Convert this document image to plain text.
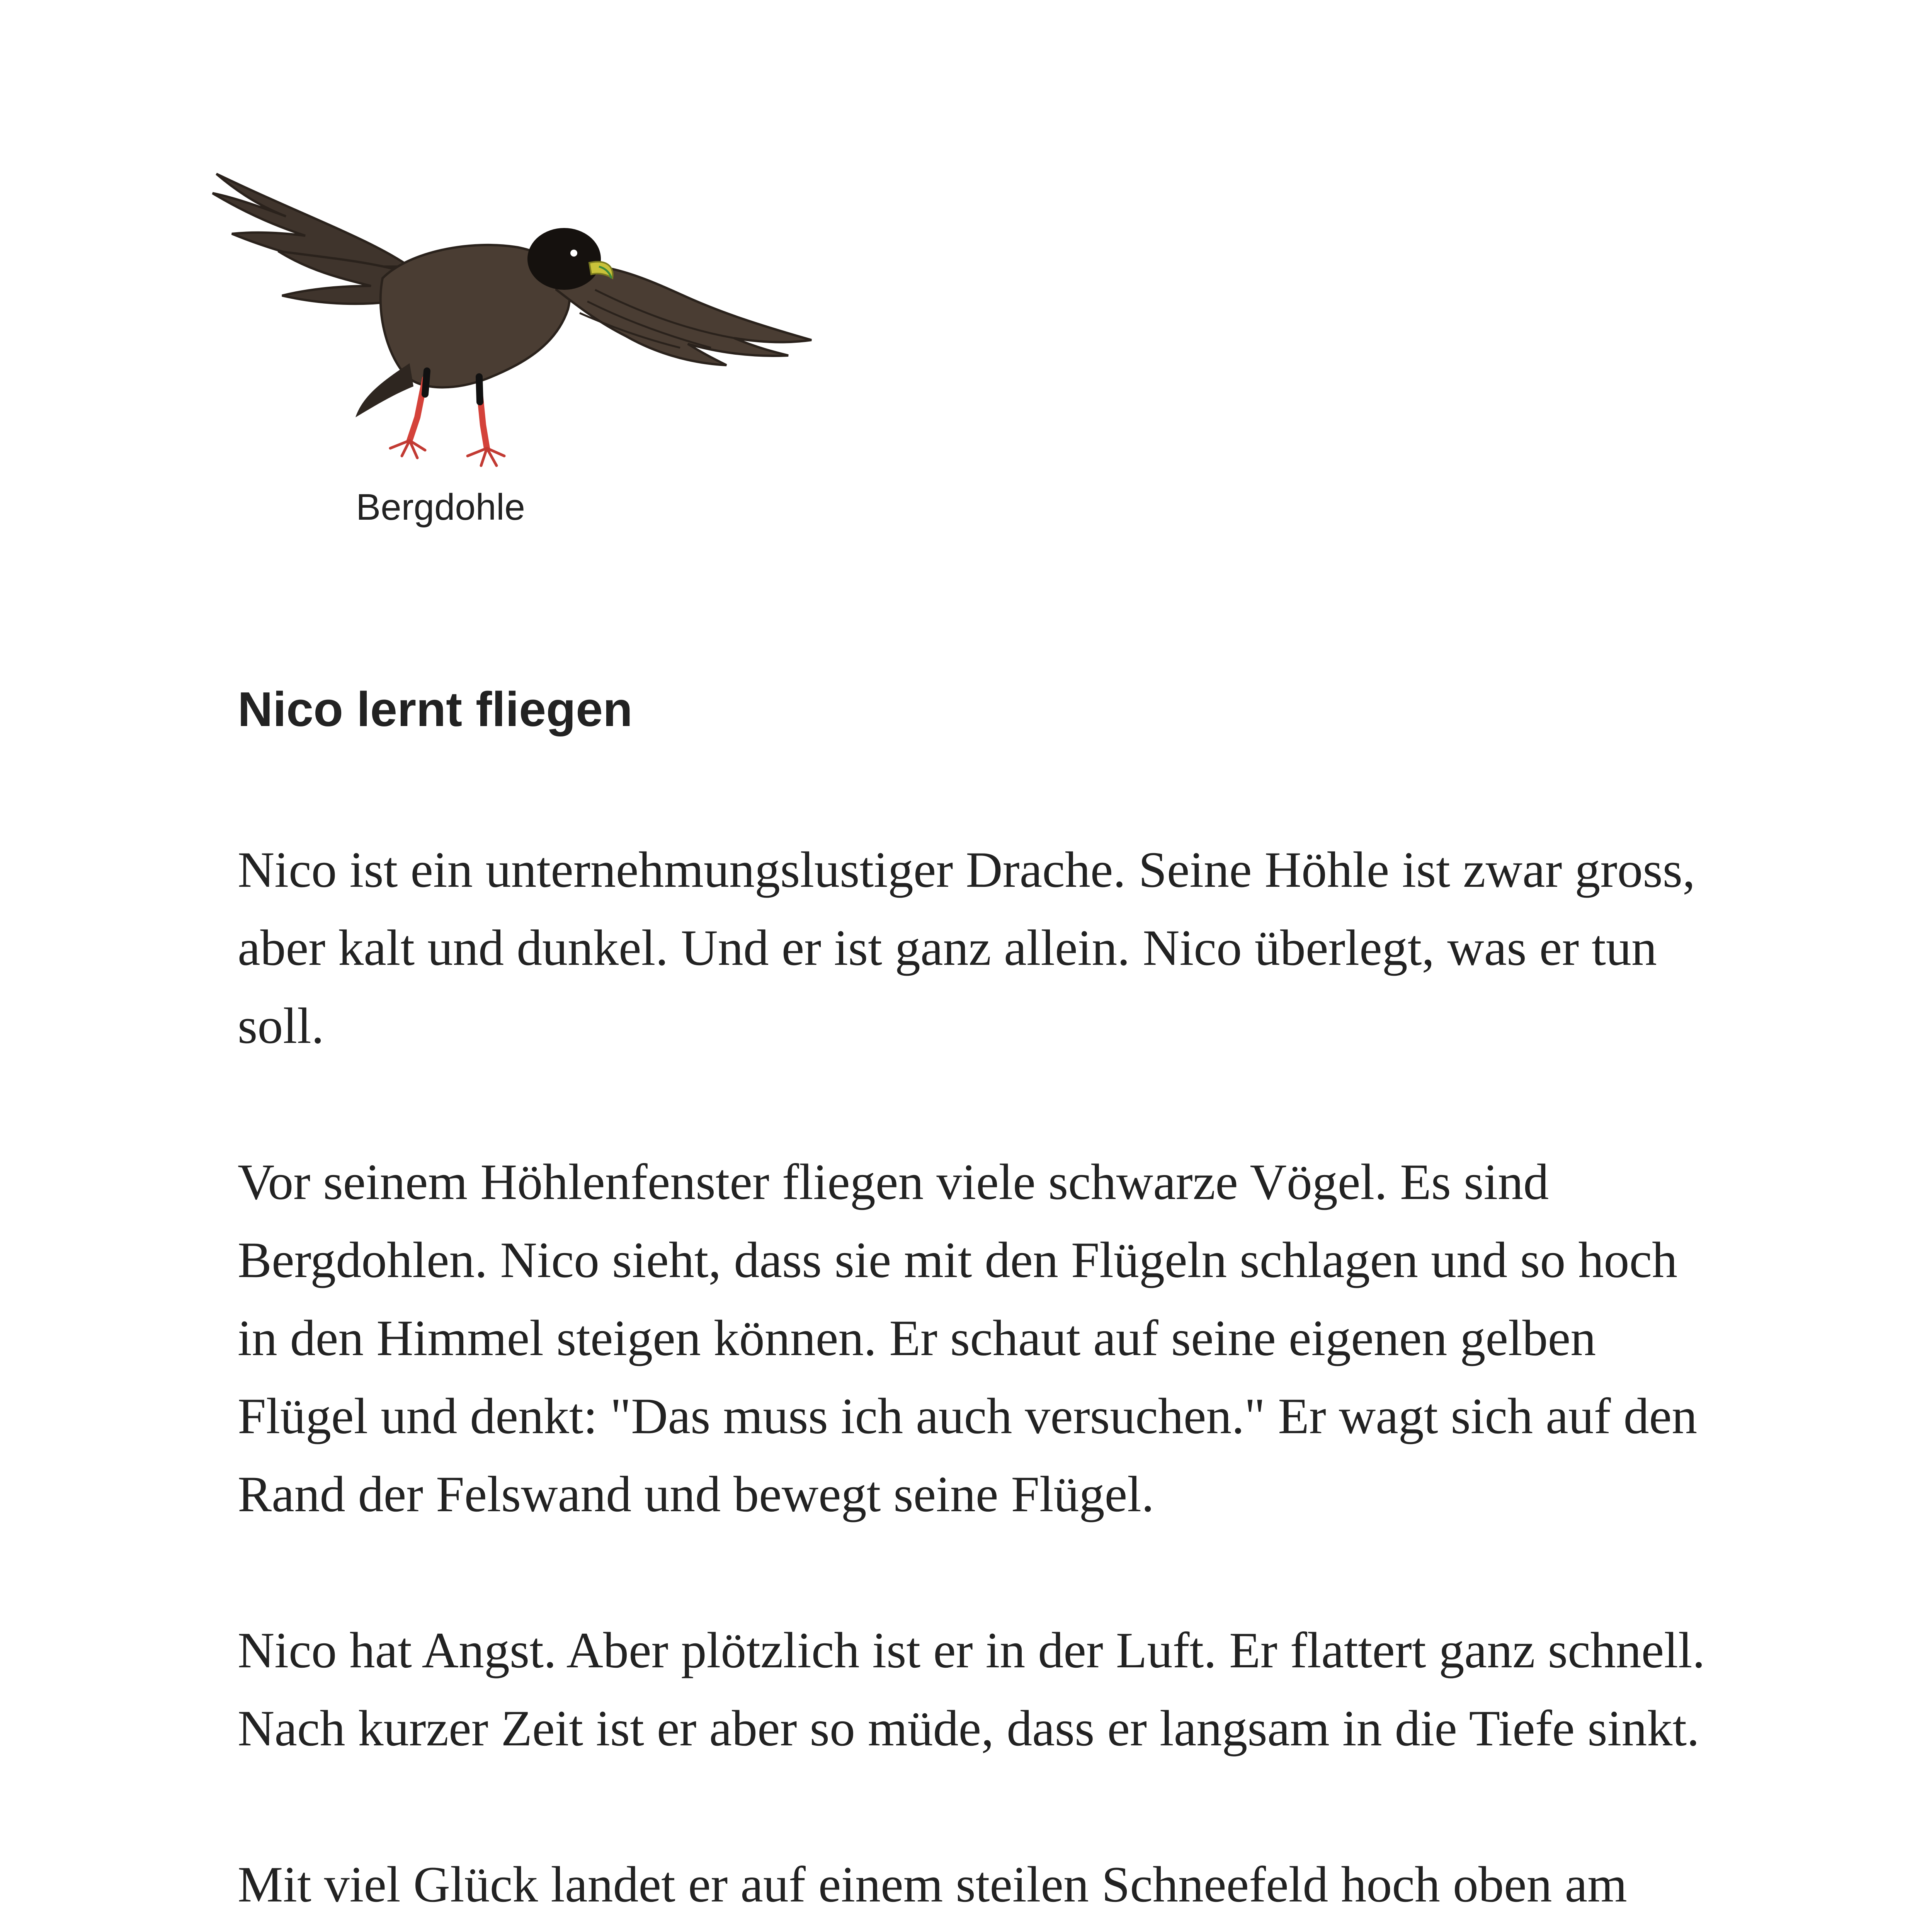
Bergdohle
Nico lernt fliegen

Nico ist ein unternehmungslustiger Drache. Seine Höhle ist zwar gross, aber kalt und dunkel. Und er ist ganz allein. Nico überlegt, was er tun soll.

Vor seinem Höhlenfenster fliegen viele schwarze Vögel. Es sind Bergdohlen. Nico sieht, dass sie mit den Flügeln schlagen und so hoch in den Himmel steigen können. Er schaut auf seine eigenen gelben Flügel und denkt: "Das muss ich auch versuchen." Er wagt sich auf den Rand der Felswand und bewegt seine Flügel.

Nico hat Angst. Aber plötzlich ist er in der Luft. Er flattert ganz schnell. Nach kurzer Zeit ist er aber so müde, dass er langsam in die Tiefe sinkt.

Mit viel Glück landet er auf einem steilen Schneefeld hoch oben am
